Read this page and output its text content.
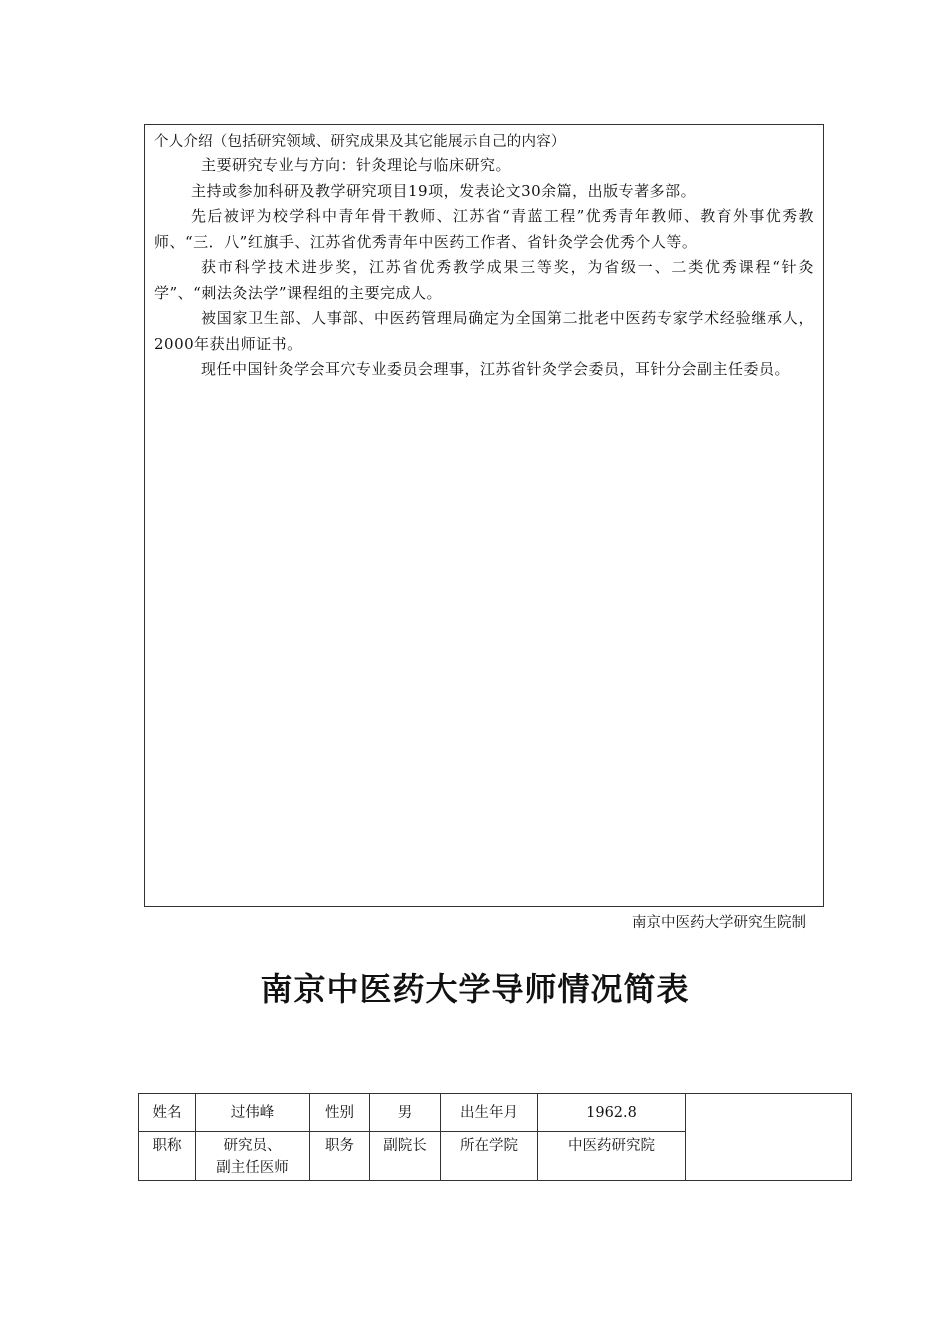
个人介绍（包括研究领域、研究成果及其它能展示自己的内容）

主要研究专业与方向：针灸理论与临床研究。

主持或参加科研及教学研究项目19项，发表论文30余篇，出版专著多部。

先后被评为校学科中青年骨干教师、江苏省“青蓝工程”优秀青年教师、教育外事优秀教师、“三．八”红旗手、江苏省优秀青年中医药工作者、省针灸学会优秀个人等。

获市科学技术进步奖，江苏省优秀教学成果三等奖，为省级一、二类优秀课程“针灸学”、“刺法灸法学”课程组的主要完成人。

被国家卫生部、人事部、中医药管理局确定为全国第二批老中医药专家学术经验继承人，2000年获出师证书。

现任中国针灸学会耳穴专业委员会理事，江苏省针灸学会委员，耳针分会副主任委员。

南京中医药大学研究生院制
南京中医药大学导师情况简表
姓名	过伟峰	性别	男	出生年月	1962.8	
职称	研究员、
副主任医师	职务	副院长	所在学院	中医药研究院	
